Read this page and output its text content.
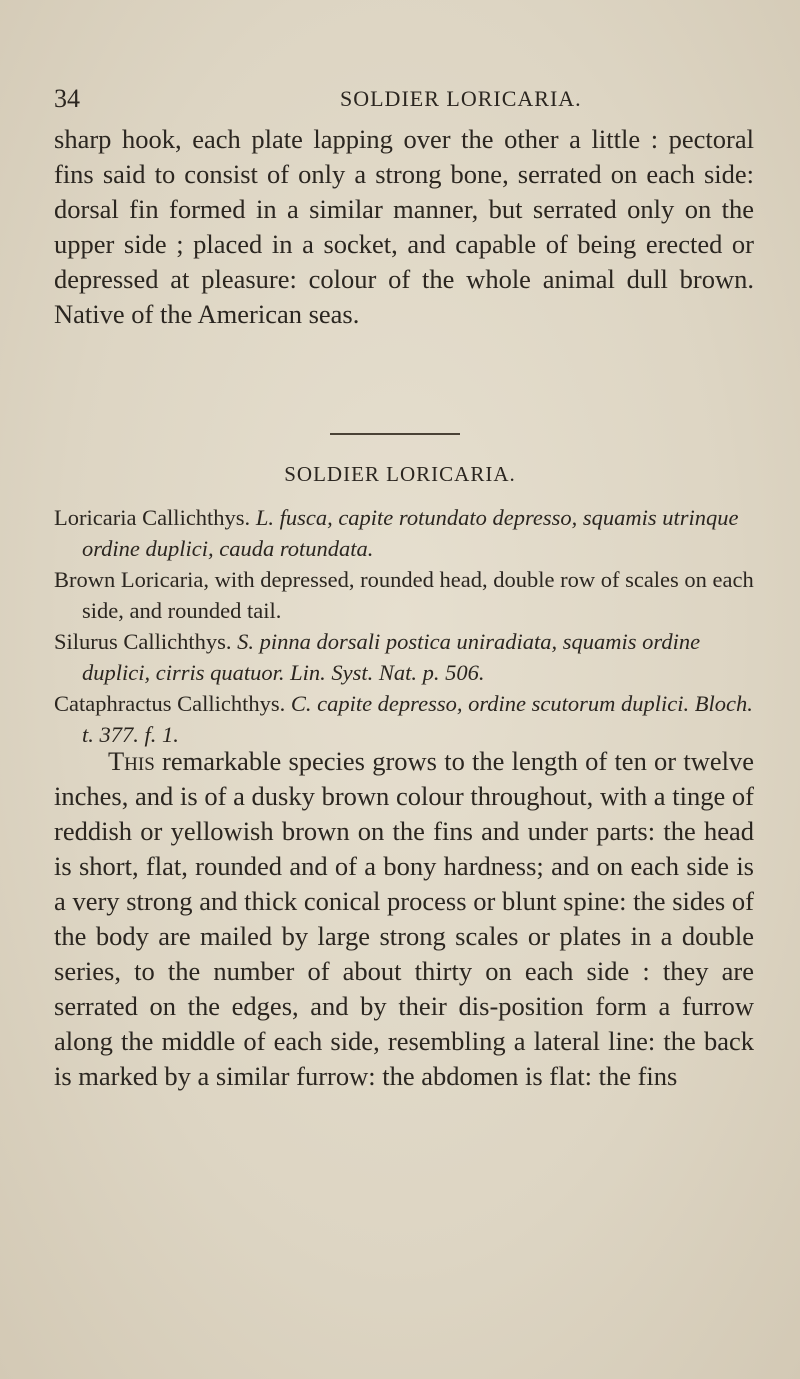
34	SOLDIER LORICARIA.

sharp hook, each plate lapping over the other a little : pectoral fins said to consist of only a strong bone, serrated on each side: dorsal fin formed in a similar manner, but serrated only on the upper side ; placed in a socket, and capable of being erected or depressed at pleasure: colour of the whole animal dull brown. Native of the American seas.

SOLDIER LORICARIA.

Loricaria Callichthys. L. fusca, capite rotundato depresso, squamis utrinque ordine duplici, cauda rotundata.

Brown Loricaria, with depressed, rounded head, double row of scales on each side, and rounded tail.

Silurus Callichthys. S. pinna dorsali postica uniradiata, squamis ordine duplici, cirris quatuor. Lin. Syst. Nat. p. 506.

Cataphractus Callichthys. C. capite depresso, ordine scutorum duplici. Bloch. t. 377. f. 1.

This remarkable species grows to the length of ten or twelve inches, and is of a dusky brown colour throughout, with a tinge of reddish or yellowish brown on the fins and under parts: the head is short, flat, rounded and of a bony hardness; and on each side is a very strong and thick conical process or blunt spine: the sides of the body are mailed by large strong scales or plates in a double series, to the number of about thirty on each side : they are serrated on the edges, and by their dis-position form a furrow along the middle of each side, resembling a lateral line: the back is marked by a similar furrow: the abdomen is flat: the fins
